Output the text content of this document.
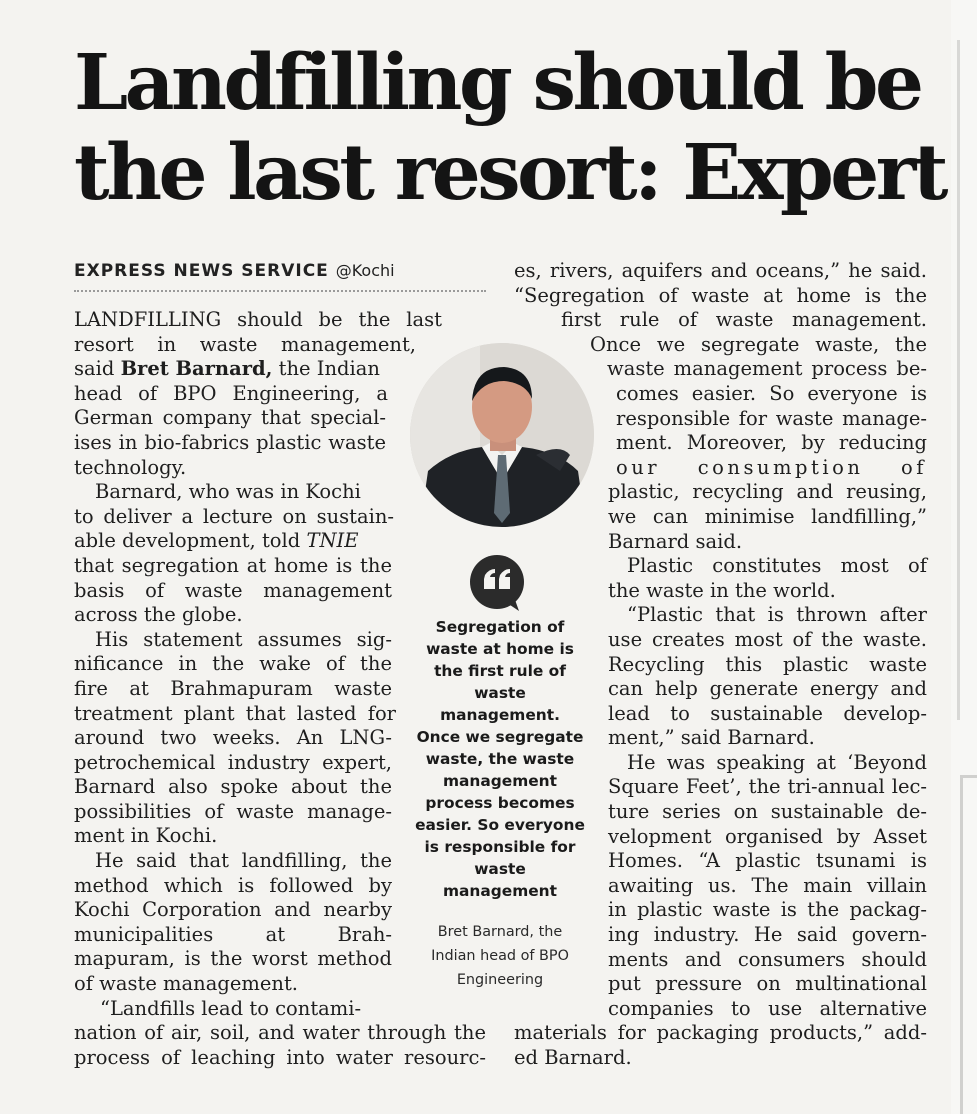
Landfilling should be
the last resort: Expert
EXPRESS NEWS SERVICE @Kochi
LANDFILLING should be the last
resort in waste management,
said Bret Barnard, the Indian
head of BPO Engineering, a
German company that special-
ises in bio-fabrics plastic waste
technology.
Barnard, who was in Kochi
to deliver a lecture on sustain-
able development, told TNIE
that segregation at home is the
basis of waste management
across the globe.
His statement assumes sig-
nificance in the wake of the
fire at Brahmapuram waste
treatment plant that lasted for
around two weeks. An LNG-
petrochemical industry expert,
Barnard also spoke about the
possibilities of waste manage-
ment in Kochi.
He said that landfilling, the
method which is followed by
Kochi Corporation and nearby
municipalities at Brah-
mapuram, is the worst method
of waste management.
“Landfills lead to contami-
nation of air, soil, and water through the
process of leaching into water resourc-
Segregation of
waste at home is
the first rule of
waste
management.
Once we segregate
waste, the waste
management
process becomes
easier. So everyone
is responsible for
waste
management
Bret Barnard, the
Indian head of BPO
Engineering
es, rivers, aquifers and oceans,” he said.
“Segregation of waste at home is the
first rule of waste management.
Once we segregate waste, the
waste management process be-
comes easier. So everyone is
responsible for waste manage-
ment. Moreover, by reducing
our consumption of
plastic, recycling and reusing,
we can minimise landfilling,”
Barnard said.
Plastic constitutes most of
the waste in the world.
“Plastic that is thrown after
use creates most of the waste.
Recycling this plastic waste
can help generate energy and
lead to sustainable develop-
ment,” said Barnard.
He was speaking at ‘Beyond
Square Feet’, the tri-annual lec-
ture series on sustainable de-
velopment organised by Asset
Homes. “A plastic tsunami is
awaiting us. The main villain
in plastic waste is the packag-
ing industry. He said govern-
ments and consumers should
put pressure on multinational
companies to use alternative
materials for packaging products,” add-
ed Barnard.
